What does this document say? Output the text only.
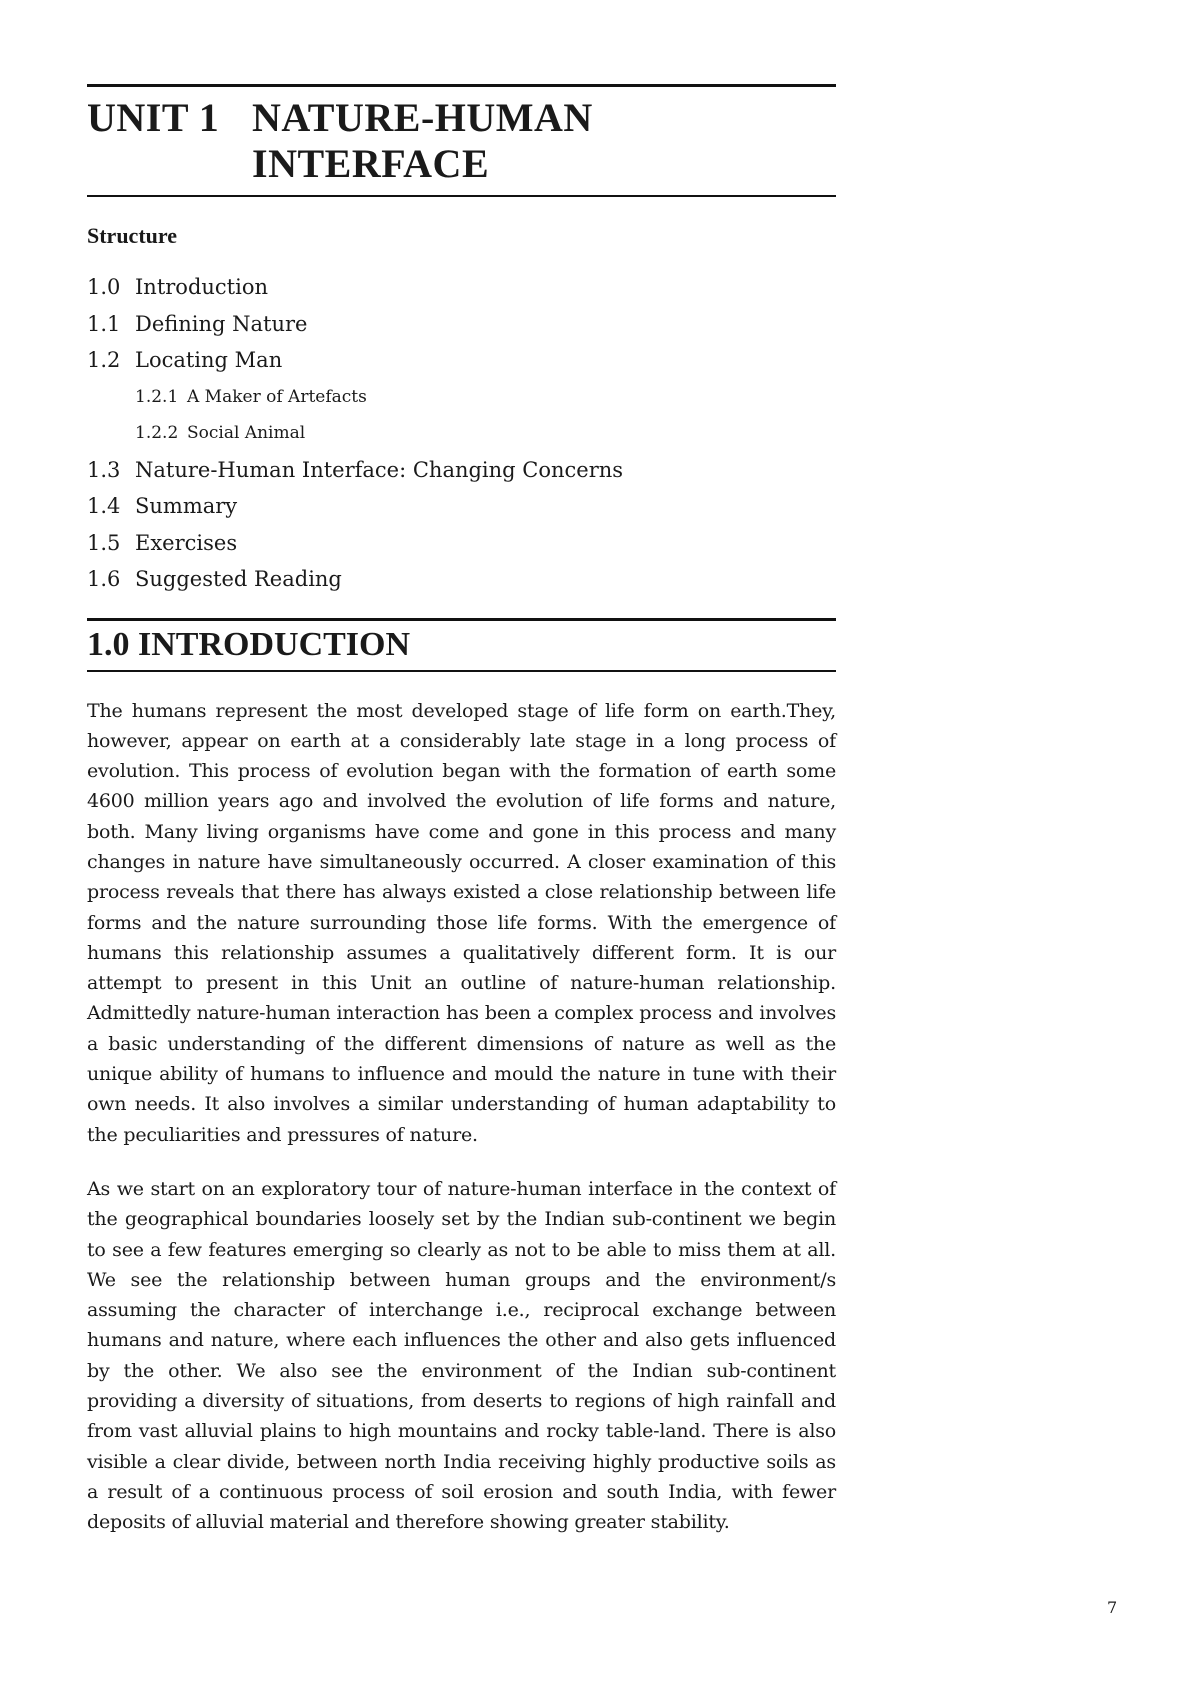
UNIT 1 NATURE-HUMAN
INTERFACE
Structure
1.0 Introduction
1.1 Defining Nature
1.2 Locating Man
1.2.1 A Maker of Artefacts
1.2.2 Social Animal
1.3 Nature-Human Interface: Changing Concerns
1.4 Summary
1.5 Exercises
1.6 Suggested Reading
1.0 INTRODUCTION

The humans represent the most developed stage of life form on earth.They, however, appear on earth at a considerably late stage in a long process of evolution. This process of evolution began with the formation of earth some 4600 million years ago and involved the evolution of life forms and nature, both. Many living organisms have come and gone in this process and many changes in nature have simultaneously occurred. A closer examination of this process reveals that there has always existed a close relationship between life forms and the nature surrounding those life forms. With the emergence of humans this relationship assumes a qualitatively different form. It is our attempt to present in this Unit an outline of nature-human relationship. Admittedly nature-human interaction has been a complex process and involves a basic understanding of the different dimensions of nature as well as the unique ability of humans to influence and mould the nature in tune with their own needs. It also involves a similar understanding of human adaptability to the peculiarities and pressures of nature.

As we start on an exploratory tour of nature-human interface in the context of the geographical boundaries loosely set by the Indian sub-continent we begin to see a few features emerging so clearly as not to be able to miss them at all. We see the relationship between human groups and the environment/s assuming the character of interchange i.e., reciprocal exchange between humans and nature, where each influences the other and also gets influenced by the other. We also see the environment of the Indian sub-continent providing a diversity of situations, from deserts to regions of high rainfall and from vast alluvial plains to high mountains and rocky table-land. There is also visible a clear divide, between north India receiving highly productive soils as a result of a continuous process of soil erosion and south India, with fewer deposits of alluvial material and therefore showing greater stability.

7
